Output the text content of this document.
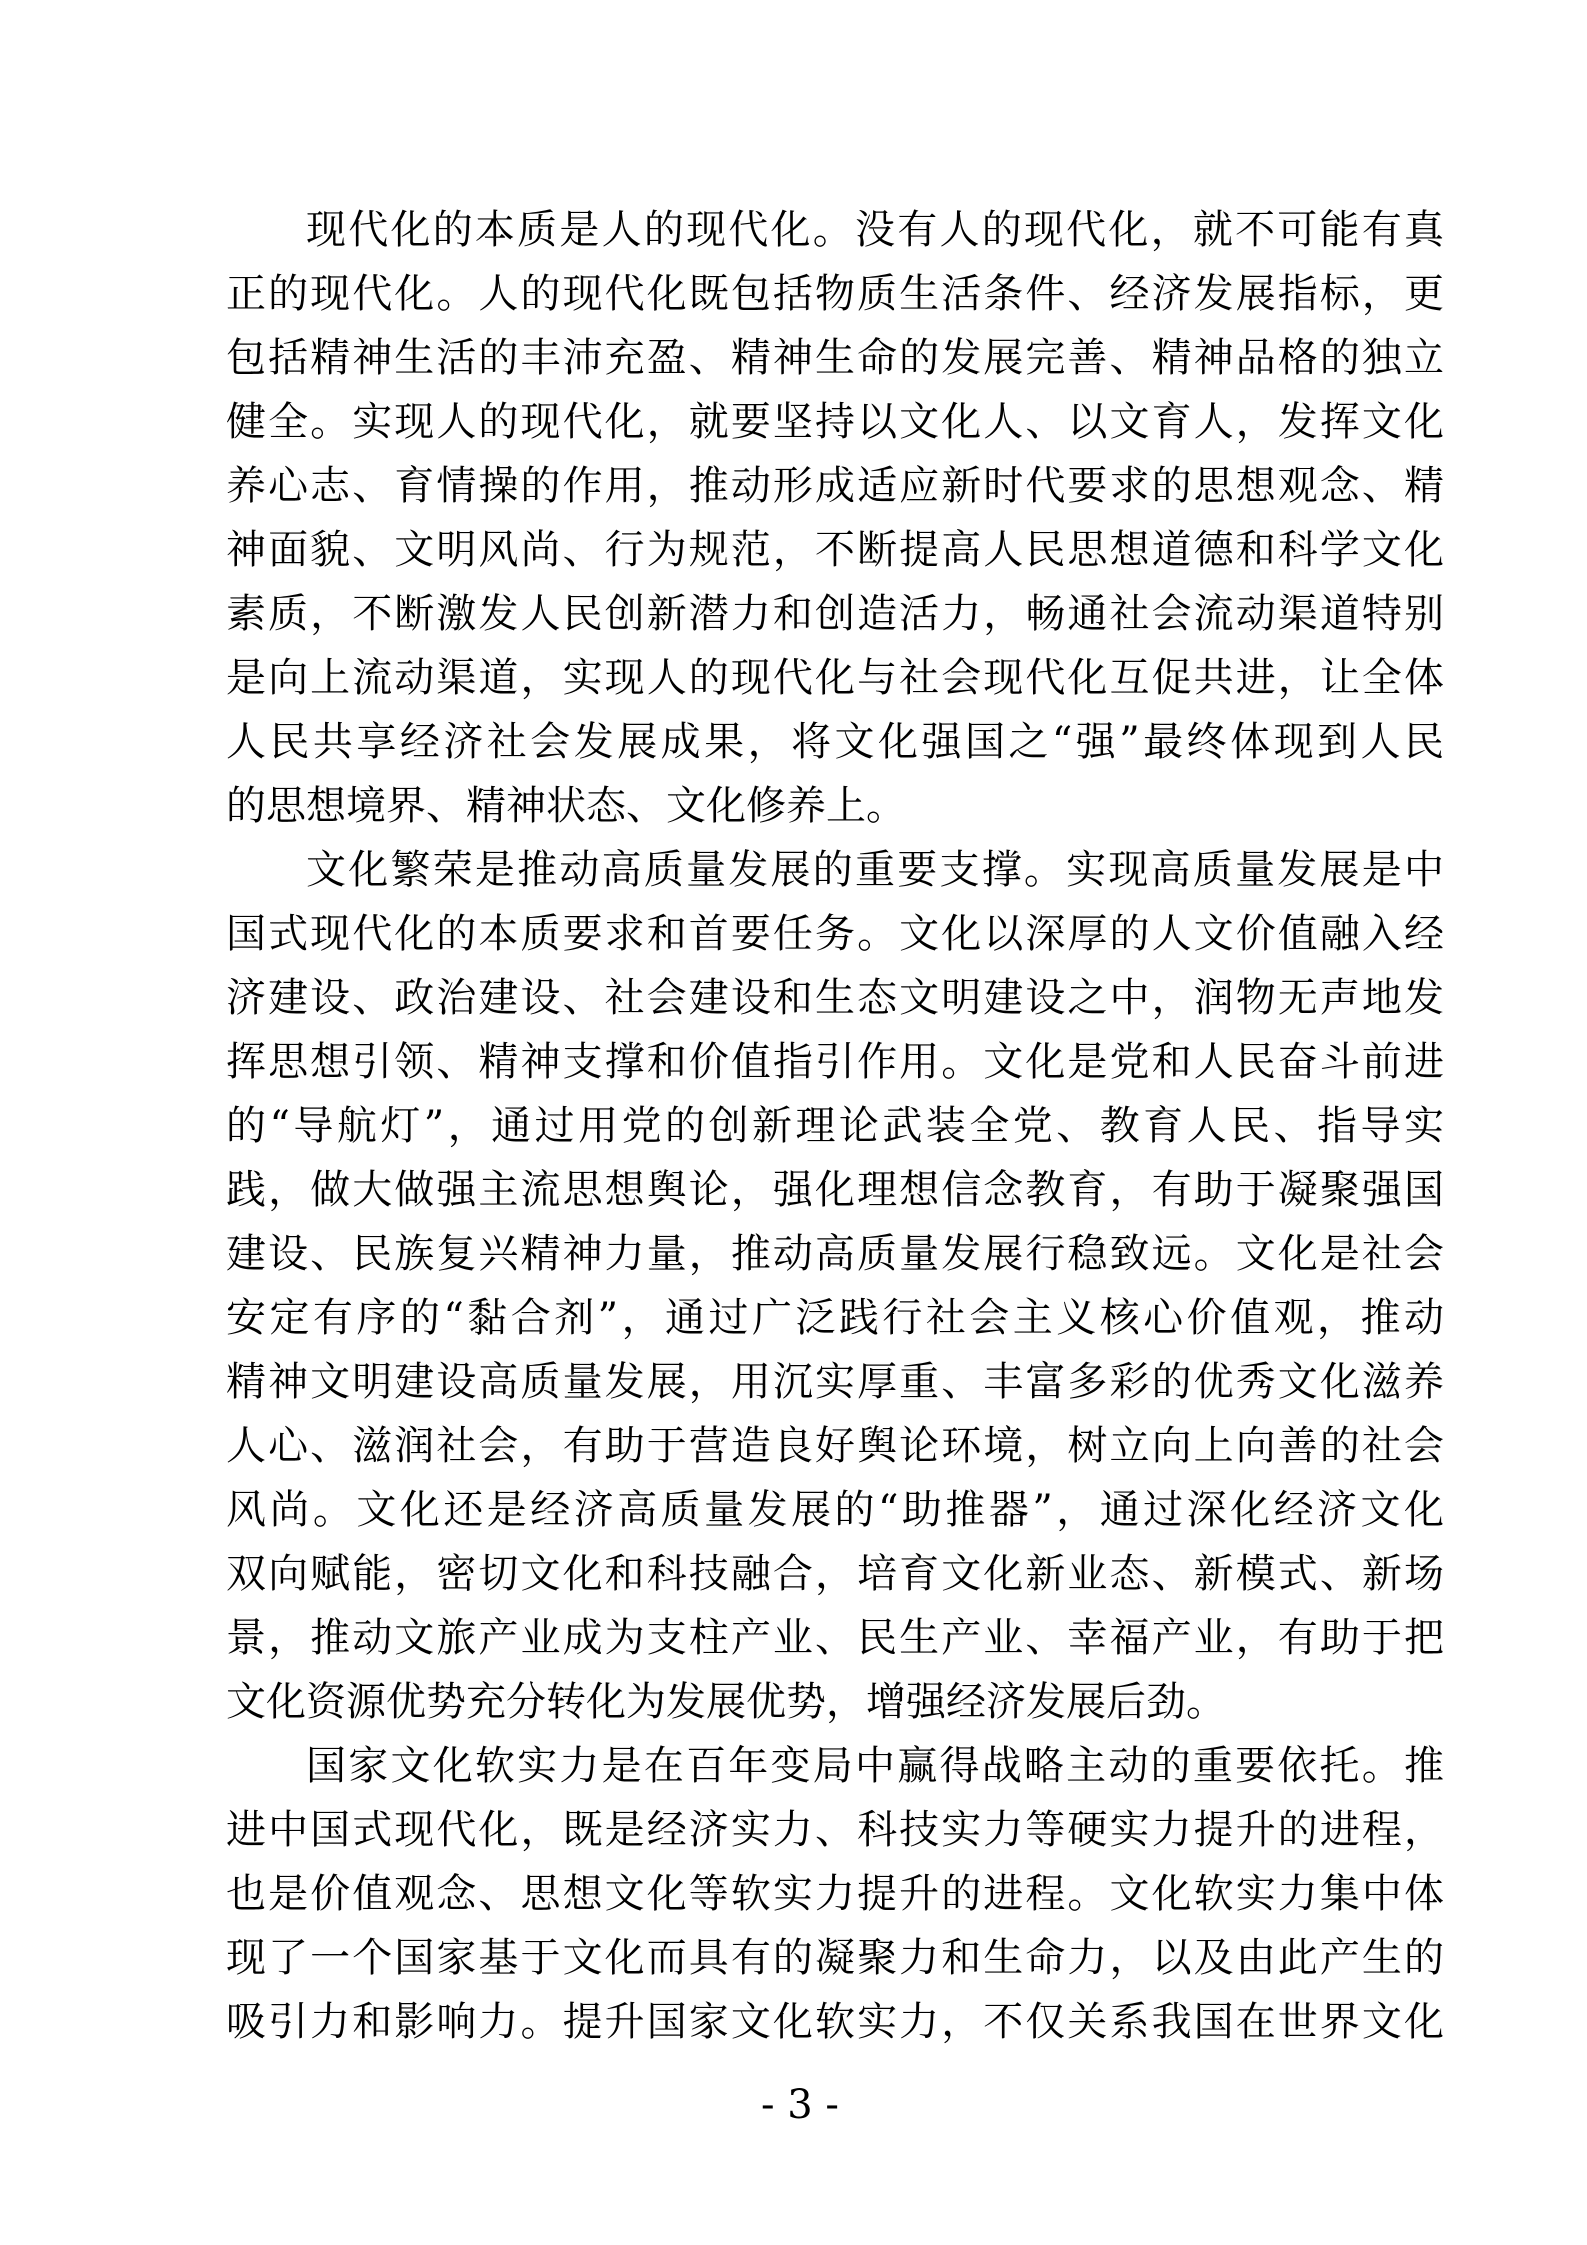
现代化的本质是人的现代化。没有人的现代化，就不可能有真
正的现代化。人的现代化既包括物质生活条件、经济发展指标，更
包括精神生活的丰沛充盈、精神生命的发展完善、精神品格的独立
健全。实现人的现代化，就要坚持以文化人、以文育人，发挥文化
养心志、育情操的作用，推动形成适应新时代要求的思想观念、精
神面貌、文明风尚、行为规范，不断提高人民思想道德和科学文化
素质，不断激发人民创新潜力和创造活力，畅通社会流动渠道特别
是向上流动渠道，实现人的现代化与社会现代化互促共进，让全体
人民共享经济社会发展成果，将文化强国之“强”最终体现到人民
的思想境界、精神状态、文化修养上。
文化繁荣是推动高质量发展的重要支撑。实现高质量发展是中
国式现代化的本质要求和首要任务。文化以深厚的人文价值融入经
济建设、政治建设、社会建设和生态文明建设之中，润物无声地发
挥思想引领、精神支撑和价值指引作用。文化是党和人民奋斗前进
的“导航灯”，通过用党的创新理论武装全党、教育人民、指导实
践，做大做强主流思想舆论，强化理想信念教育，有助于凝聚强国
建设、民族复兴精神力量，推动高质量发展行稳致远。文化是社会
安定有序的“黏合剂”，通过广泛践行社会主义核心价值观，推动
精神文明建设高质量发展，用沉实厚重、丰富多彩的优秀文化滋养
人心、滋润社会，有助于营造良好舆论环境，树立向上向善的社会
风尚。文化还是经济高质量发展的“助推器”，通过深化经济文化
双向赋能，密切文化和科技融合，培育文化新业态、新模式、新场
景，推动文旅产业成为支柱产业、民生产业、幸福产业，有助于把
文化资源优势充分转化为发展优势，增强经济发展后劲。
国家文化软实力是在百年变局中赢得战略主动的重要依托。推
进中国式现代化，既是经济实力、科技实力等硬实力提升的进程，
也是价值观念、思想文化等软实力提升的进程。文化软实力集中体
现了一个国家基于文化而具有的凝聚力和生命力，以及由此产生的
吸引力和影响力。提升国家文化软实力，不仅关系我国在世界文化
- 3 -
